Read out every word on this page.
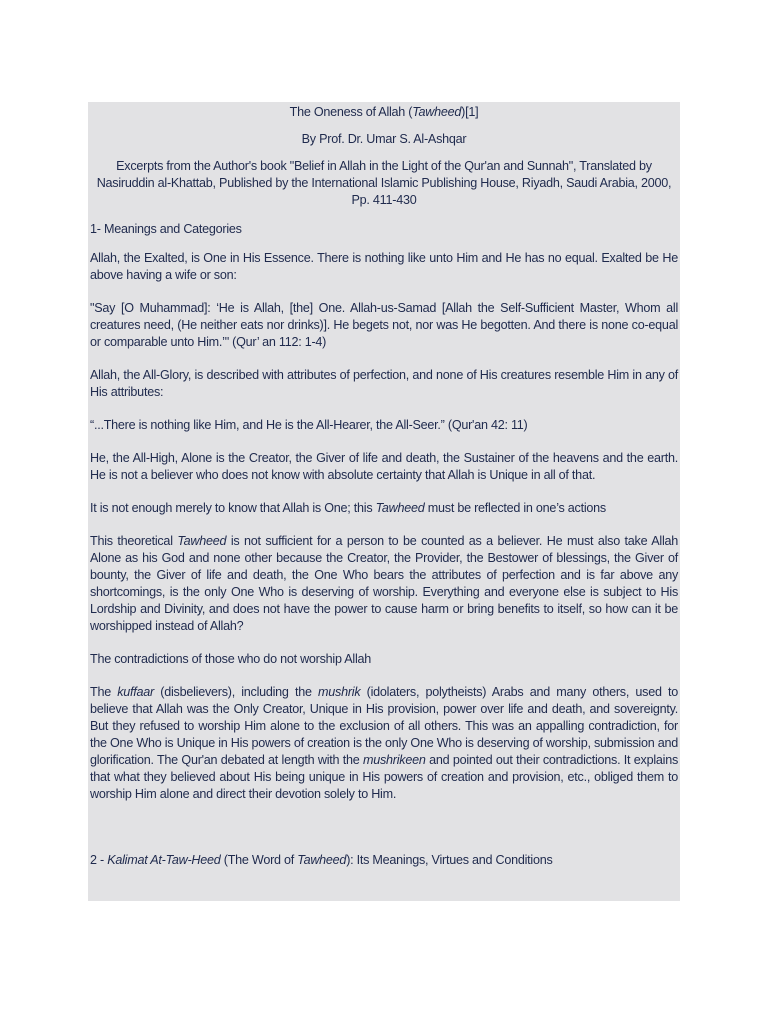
The Oneness of Allah (Tawheed)[1]

By Prof. Dr. Umar S. Al-Ashqar

Excerpts from the Author's book "Belief in Allah in the Light of the Qur'an and Sunnah", Translated by Nasiruddin al-Khattab, Published by the International Islamic Publishing House, Riyadh, Saudi Arabia, 2000, Pp. 411-430

1- Meanings and Categories

Allah, the Exalted, is One in His Essence. There is nothing like unto Him and He has no equal. Exalted be He above having a wife or son:

"Say [O Muhammad]: ‘He is Allah, [the] One. Allah-us-Samad [Allah the Self-Sufficient Master, Whom all creatures need, (He neither eats nor drinks)]. He begets not, nor was He begotten. And there is none co-equal or comparable unto Him.’" (Qur’ an 112: 1-4)

Allah, the All-Glory, is described with attributes of perfection, and none of His creatures resemble Him in any of His attributes:

“...There is nothing like Him, and He is the All-Hearer, the All-Seer.” (Qur'an 42: 11)

He, the All-High, Alone is the Creator, the Giver of life and death, the Sustainer of the heavens and the earth. He is not a believer who does not know with absolute certainty that Allah is Unique in all of that.

It is not enough merely to know that Allah is One; this Tawheed must be reflected in one’s actions

This theoretical Tawheed is not sufficient for a person to be counted as a believer. He must also take Allah Alone as his God and none other because the Creator, the Provider, the Bestower of blessings, the Giver of bounty, the Giver of life and death, the One Who bears the attributes of perfection and is far above any shortcomings, is the only One Who is deserving of worship. Everything and everyone else is subject to His Lordship and Divinity, and does not have the power to cause harm or bring benefits to itself, so how can it be worshipped instead of Allah?

The contradictions of those who do not worship Allah

The kuffaar (disbelievers), including the mushrik (idolaters, polytheists) Arabs and many others, used to believe that Allah was the Only Creator, Unique in His provision, power over life and death, and sovereignty. But they refused to worship Him alone to the exclusion of all others. This was an appalling contradiction, for the One Who is Unique in His powers of creation is the only One Who is deserving of worship, submission and glorification. The Qur'an debated at length with the mushrikeen and pointed out their contradictions. It explains that what they believed about His being unique in His powers of creation and provision, etc., obliged them to worship Him alone and direct their devotion solely to Him.

2 - Kalimat At-Taw-Heed (The Word of Tawheed): Its Meanings, Virtues and Conditions
